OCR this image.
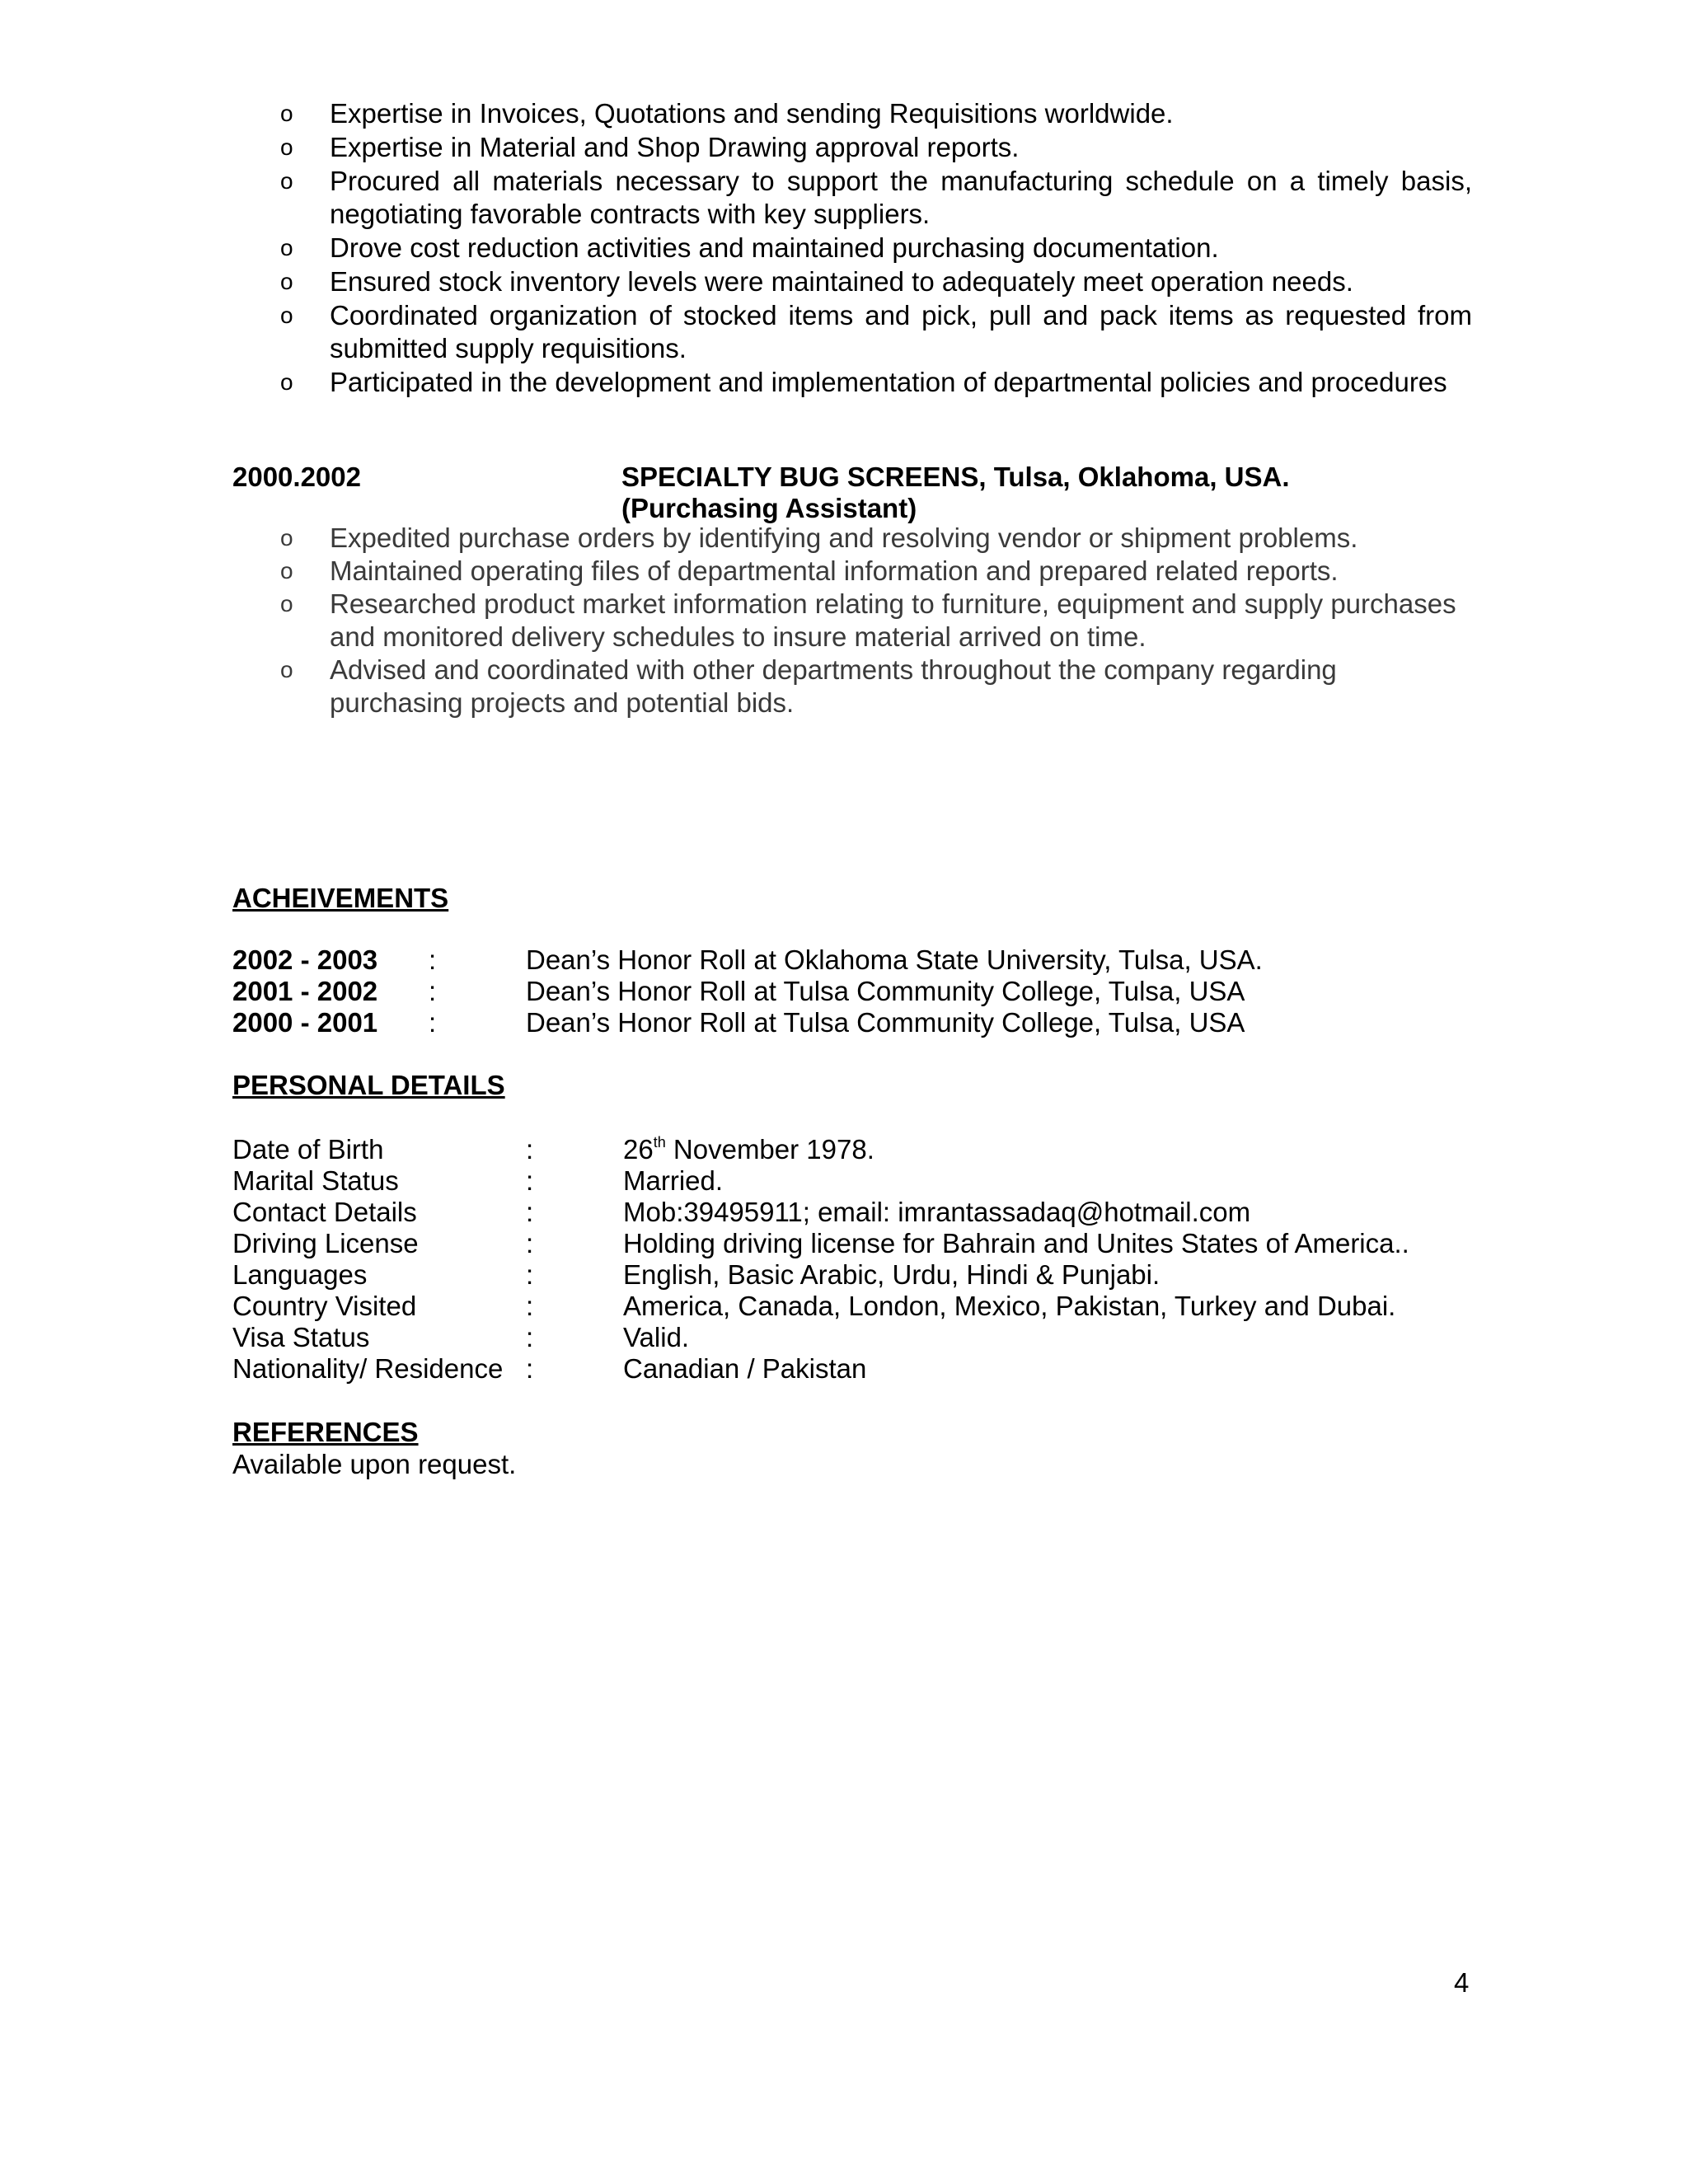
o Expertise in Invoices, Quotations and sending Requisitions worldwide.
o Expertise in Material and Shop Drawing approval reports.
o Procured all materials necessary to support the manufacturing schedule on a timely basis, negotiating favorable contracts with key suppliers.
o Drove cost reduction activities and maintained purchasing documentation.
o Ensured stock inventory levels were maintained to adequately meet operation needs.
o Coordinated organization of stocked items and pick, pull and pack items as requested from submitted supply requisitions.
o Participated in the development and implementation of departmental policies and procedures
2000.2002	SPECIALTY BUG SCREENS, Tulsa, Oklahoma, USA.
(Purchasing Assistant)
o Expedited purchase orders by identifying and resolving vendor or shipment problems.
o Maintained operating files of departmental information and prepared related reports.
o Researched product market information relating to furniture, equipment and supply purchases and monitored delivery schedules to insure material arrived on time.
o Advised and coordinated with other departments throughout the company regarding purchasing projects and potential bids.
ACHEIVEMENTS
2002 - 2003 :	Dean’s Honor Roll at Oklahoma State University, Tulsa, USA.
2001 - 2002 :	Dean’s Honor Roll at Tulsa Community College, Tulsa, USA
2000 - 2001 :	Dean’s Honor Roll at Tulsa Community College, Tulsa, USA
PERSONAL DETAILS
Date of Birth	:	26th November 1978.
Marital Status	:	Married.
Contact Details	:	Mob:39495911; email: imrantassadaq@hotmail.com
Driving License	:	Holding driving license for Bahrain and Unites States of America..
Languages	:	English, Basic Arabic, Urdu, Hindi & Punjabi.
Country Visited	:	America, Canada, London, Mexico, Pakistan, Turkey and Dubai.
Visa Status	:	Valid.
Nationality/ Residence :	Canadian / Pakistan
REFERENCES
Available upon request.
4
